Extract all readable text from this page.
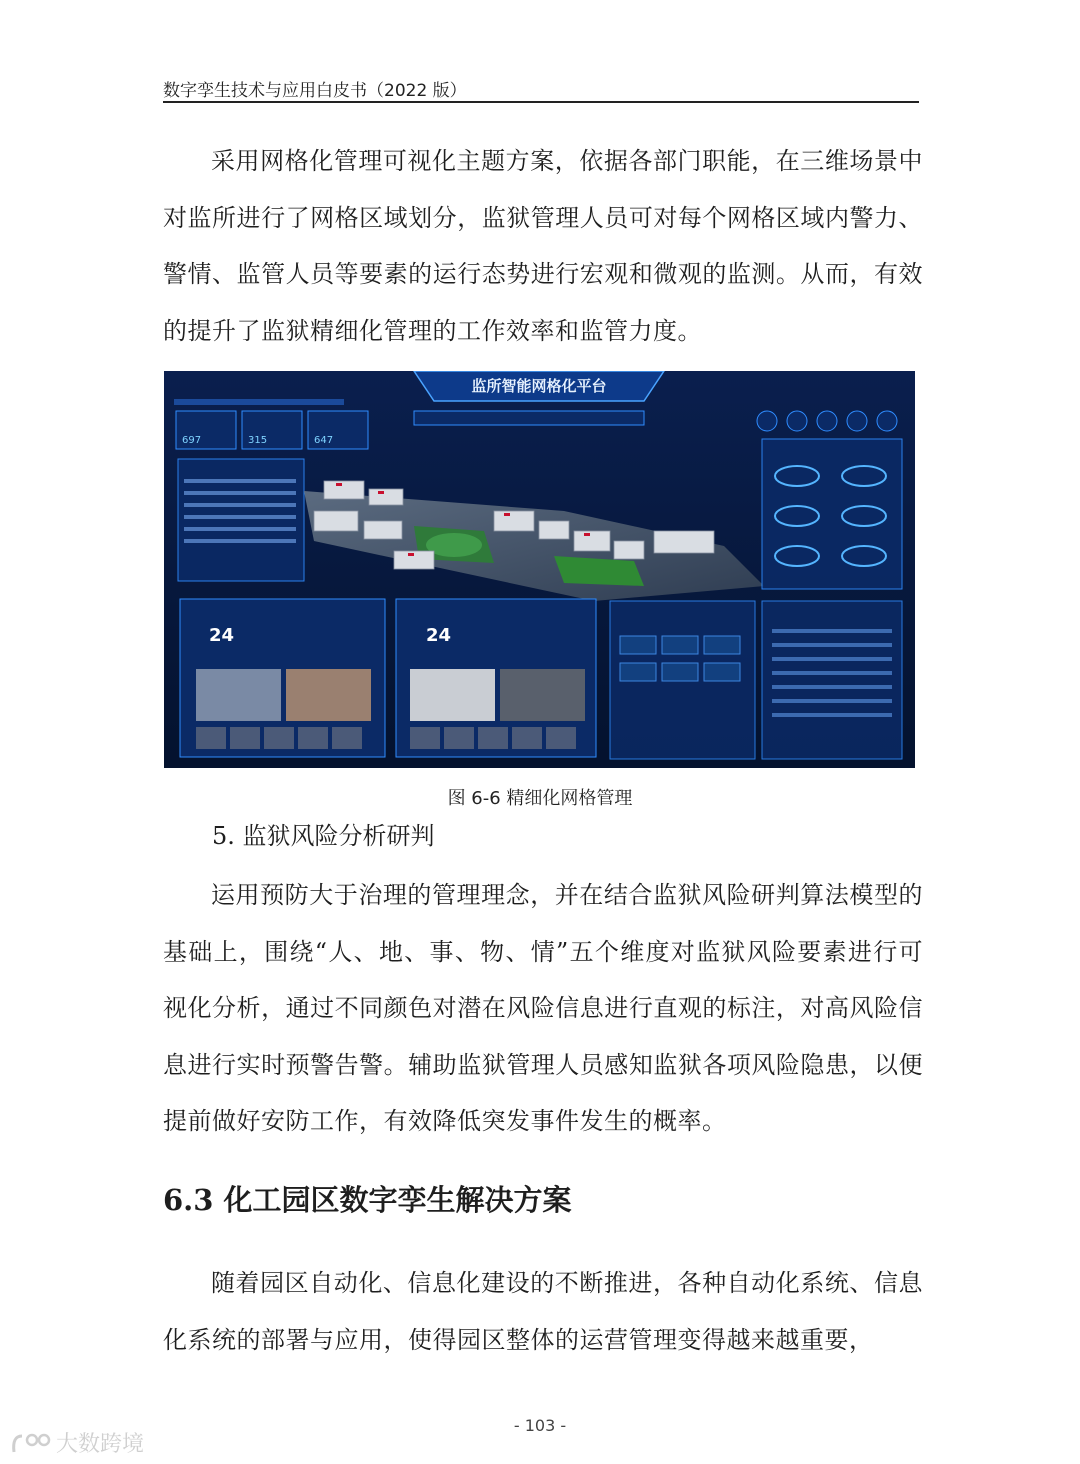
数字孪生技术与应用白皮书（2022 版）

采用网格化管理可视化主题方案，依据各部门职能，在三维场景中对监所进行了网格区域划分，监狱管理人员可对每个网格区域内警力、警情、监管人员等要素的运行态势进行宏观和微观的监测。从而，有效的提升了监狱精细化管理的工作效率和监管力度。

监所智能网格化平台
697	315	647
24	24
图 6-6 精细化网格管理

5. 监狱风险分析研判

运用预防大于治理的管理理念，并在结合监狱风险研判算法模型的基础上，围绕“人、地、事、物、情”五个维度对监狱风险要素进行可视化分析，通过不同颜色对潜在风险信息进行直观的标注，对高风险信息进行实时预警告警。辅助监狱管理人员感知监狱各项风险隐患，以便提前做好安防工作，有效降低突发事件发生的概率。

6.3 化工园区数字孪生解决方案

随着园区自动化、信息化建设的不断推进，各种自动化系统、信息化系统的部署与应用，使得园区整体的运营管理变得越来越重要，

- 103 -
大数跨境
